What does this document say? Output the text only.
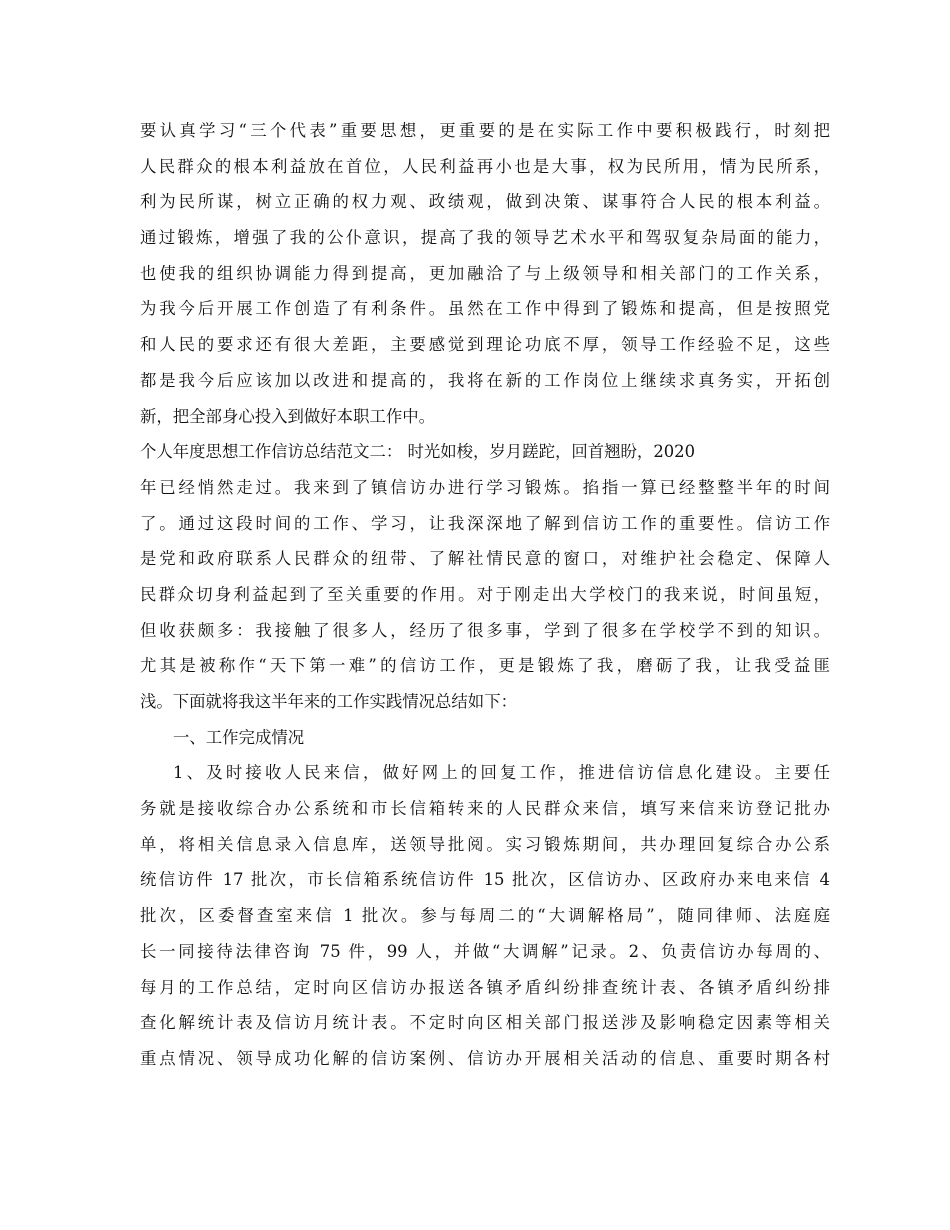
要认真学习“三个代表”重要思想，更重要的是在实际工作中要积极践行，时刻把
人民群众的根本利益放在首位，人民利益再小也是大事，权为民所用，情为民所系，
利为民所谋，树立正确的权力观、政绩观，做到决策、谋事符合人民的根本利益。
通过锻炼，增强了我的公仆意识，提高了我的领导艺术水平和驾驭复杂局面的能力，
也使我的组织协调能力得到提高，更加融洽了与上级领导和相关部门的工作关系，
为我今后开展工作创造了有利条件。虽然在工作中得到了锻炼和提高，但是按照党
和人民的要求还有很大差距，主要感觉到理论功底不厚，领导工作经验不足，这些
都是我今后应该加以改进和提高的，我将在新的工作岗位上继续求真务实，开拓创
新，把全部身心投入到做好本职工作中。
个人年度思想工作信访总结范文二： 时光如梭，岁月蹉跎，回首翘盼，2020
年已经悄然走过。我来到了镇信访办进行学习锻炼。掐指一算已经整整半年的时间
了。通过这段时间的工作、学习，让我深深地了解到信访工作的重要性。信访工作
是党和政府联系人民群众的纽带、了解社情民意的窗口，对维护社会稳定、保障人
民群众切身利益起到了至关重要的作用。对于刚走出大学校门的我来说，时间虽短，
但收获颇多：我接触了很多人，经历了很多事，学到了很多在学校学不到的知识。
尤其是被称作“天下第一难”的信访工作，更是锻炼了我，磨砺了我，让我受益匪
浅。下面就将我这半年来的工作实践情况总结如下：
一、工作完成情况
1、及时接收人民来信，做好网上的回复工作，推进信访信息化建设。主要任
务就是接收综合办公系统和市长信箱转来的人民群众来信，填写来信来访登记批办
单，将相关信息录入信息库，送领导批阅。实习锻炼期间，共办理回复综合办公系
统信访件 17 批次，市长信箱系统信访件 15 批次，区信访办、区政府办来电来信 4
批次，区委督查室来信 1 批次。参与每周二的“大调解格局”，随同律师、法庭庭
长一同接待法律咨询 75 件，99 人，并做“大调解”记录。2、负责信访办每周的、
每月的工作总结，定时向区信访办报送各镇矛盾纠纷排查统计表、各镇矛盾纠纷排
查化解统计表及信访月统计表。不定时向区相关部门报送涉及影响稳定因素等相关
重点情况、领导成功化解的信访案例、信访办开展相关活动的信息、重要时期各村
